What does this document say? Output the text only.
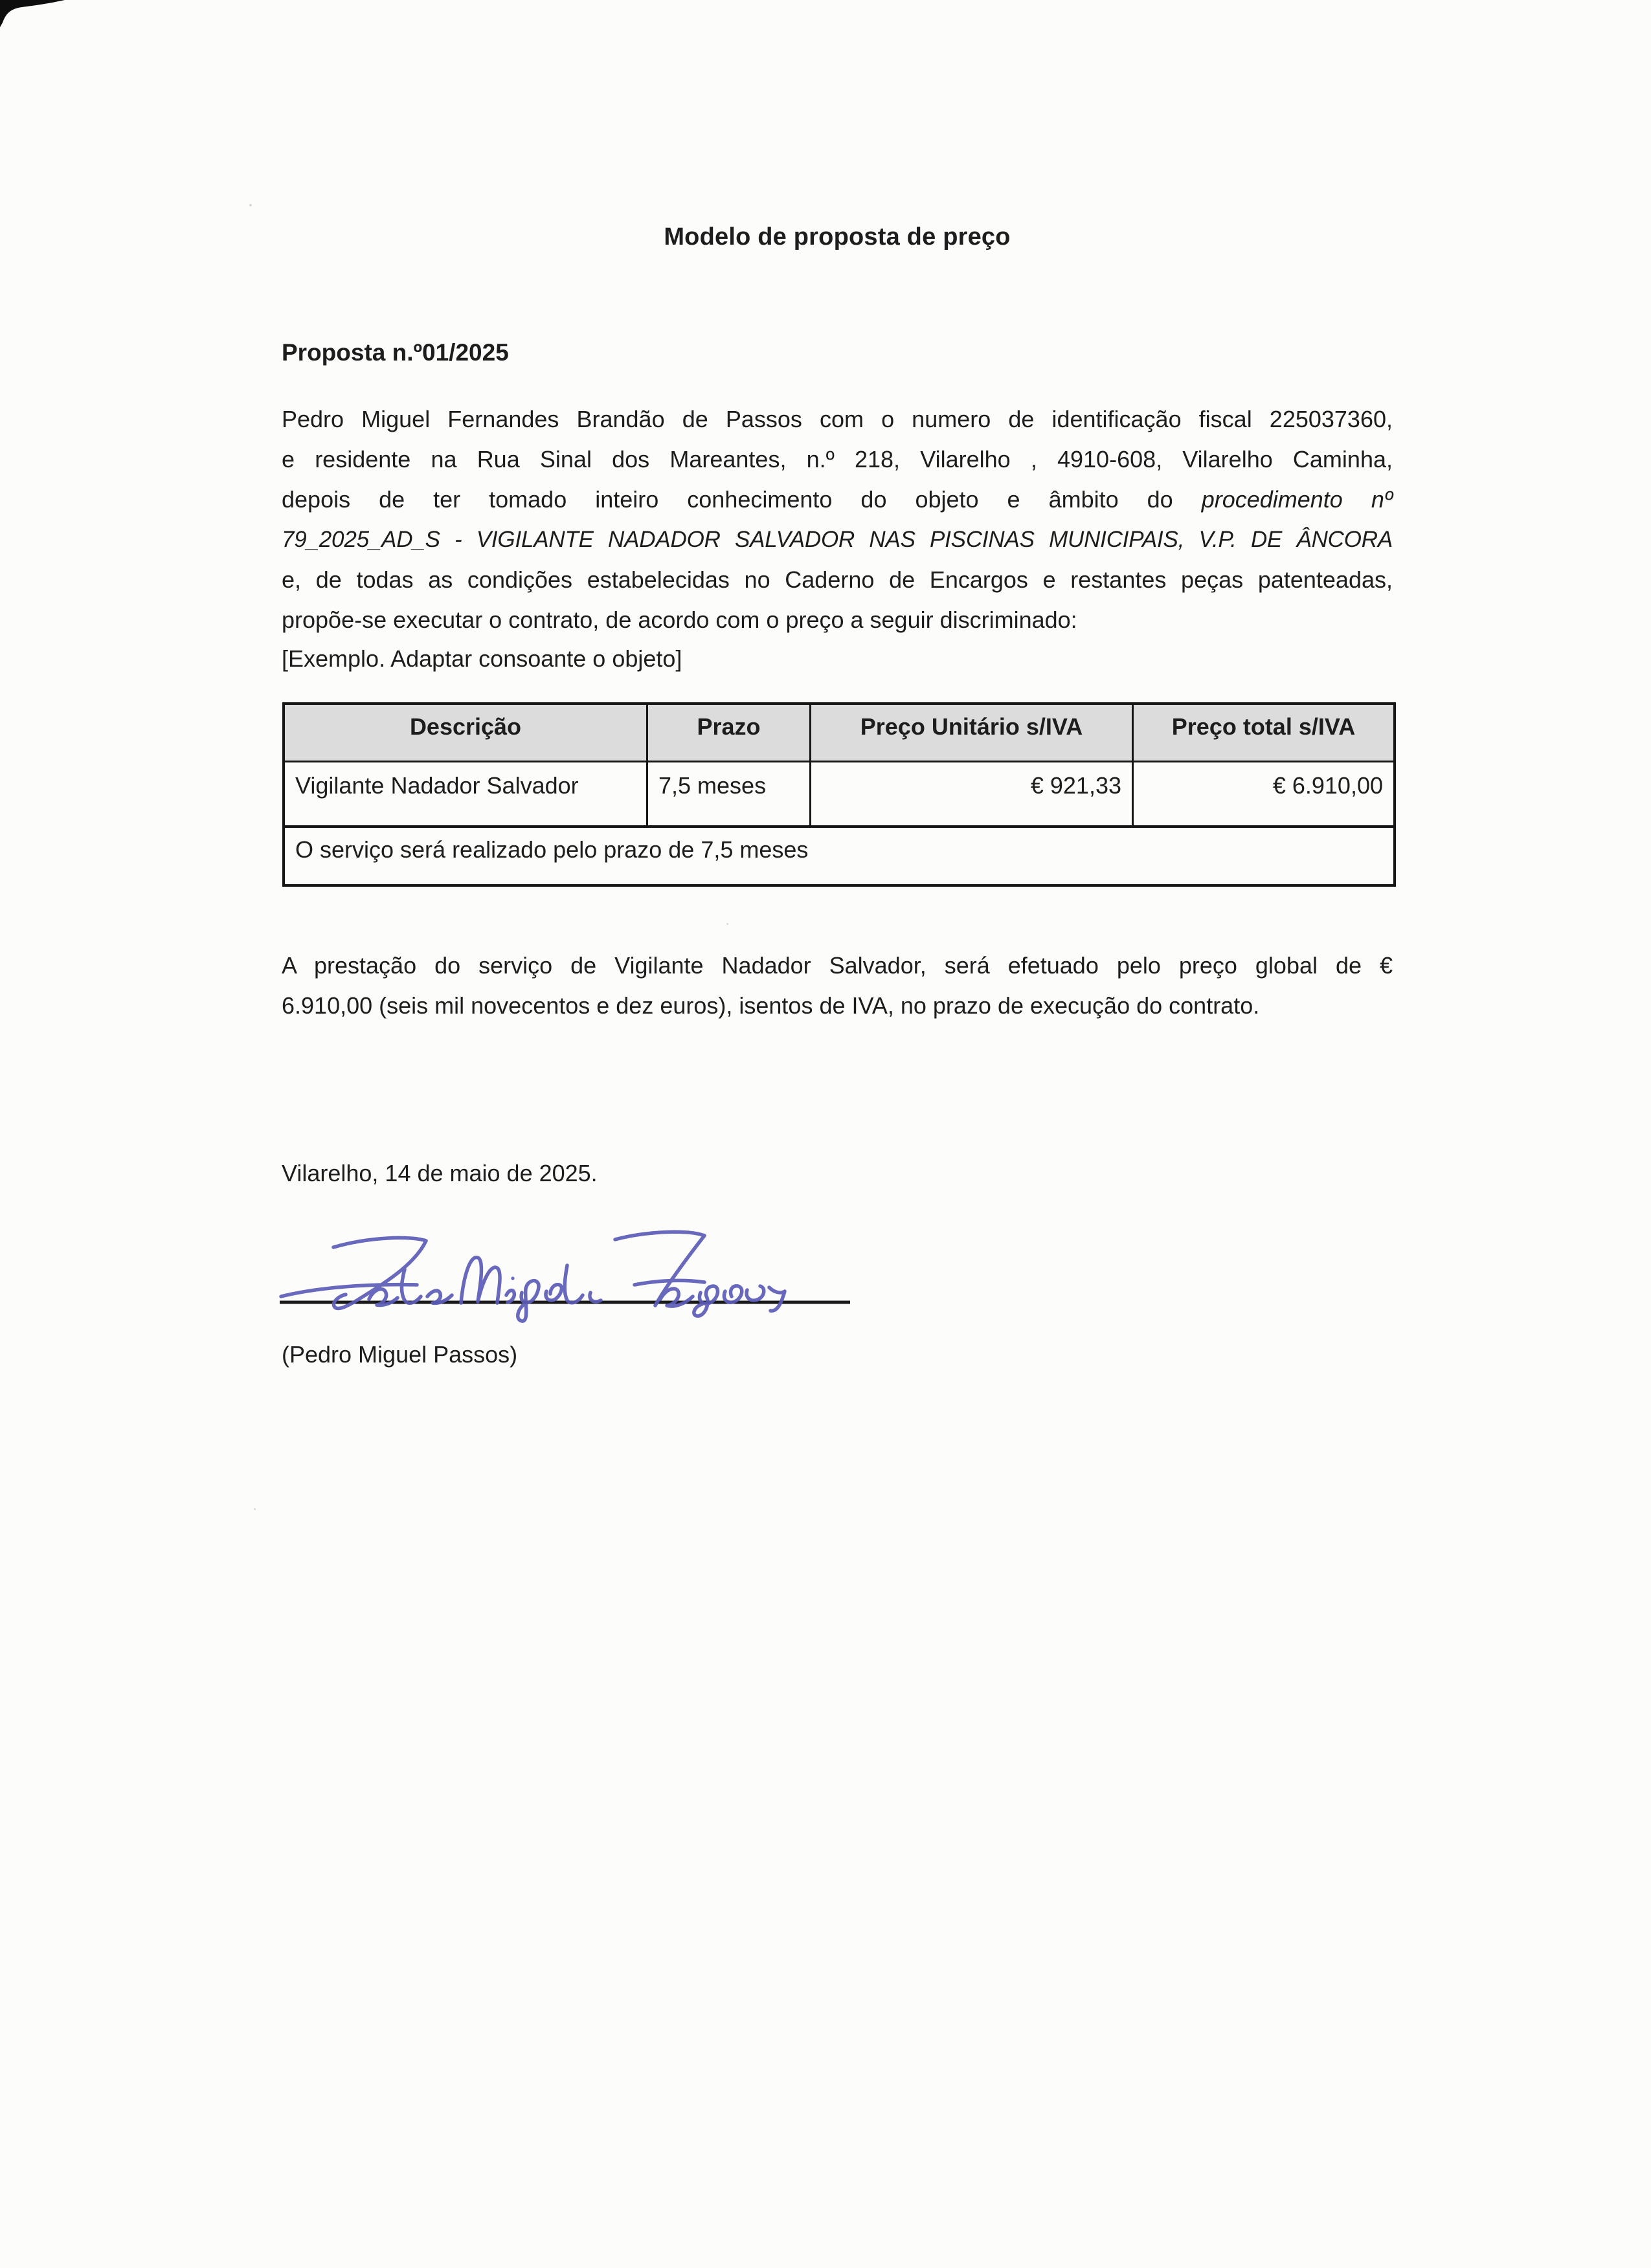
Modelo de proposta de preço
Proposta n.º01/2025
Pedro Miguel Fernandes Brandão de Passos com o numero de identificação fiscal 225037360,
e residente na Rua Sinal dos Mareantes, n.º 218, Vilarelho , 4910-608, Vilarelho Caminha,
depois de ter tomado inteiro conhecimento do objeto e âmbito do procedimento nº
79_2025_AD_S - VIGILANTE NADADOR SALVADOR NAS PISCINAS MUNICIPAIS, V.P. DE ÂNCORA
e, de todas as condições estabelecidas no Caderno de Encargos e restantes peças patenteadas,
propõe-se executar o contrato, de acordo com o preço a seguir discriminado:
[Exemplo. Adaptar consoante o objeto]
Descrição	Prazo	Preço Unitário s/IVA	Preço total s/IVA
Vigilante Nadador Salvador	7,5 meses	€ 921,33	€ 6.910,00
O serviço será realizado pelo prazo de 7,5 meses			
A prestação do serviço de Vigilante Nadador Salvador, será efetuado pelo preço global de €
6.910,00 (seis mil novecentos e dez euros), isentos de IVA, no prazo de execução do contrato.
Vilarelho, 14 de maio de 2025.
(Pedro Miguel Passos)
